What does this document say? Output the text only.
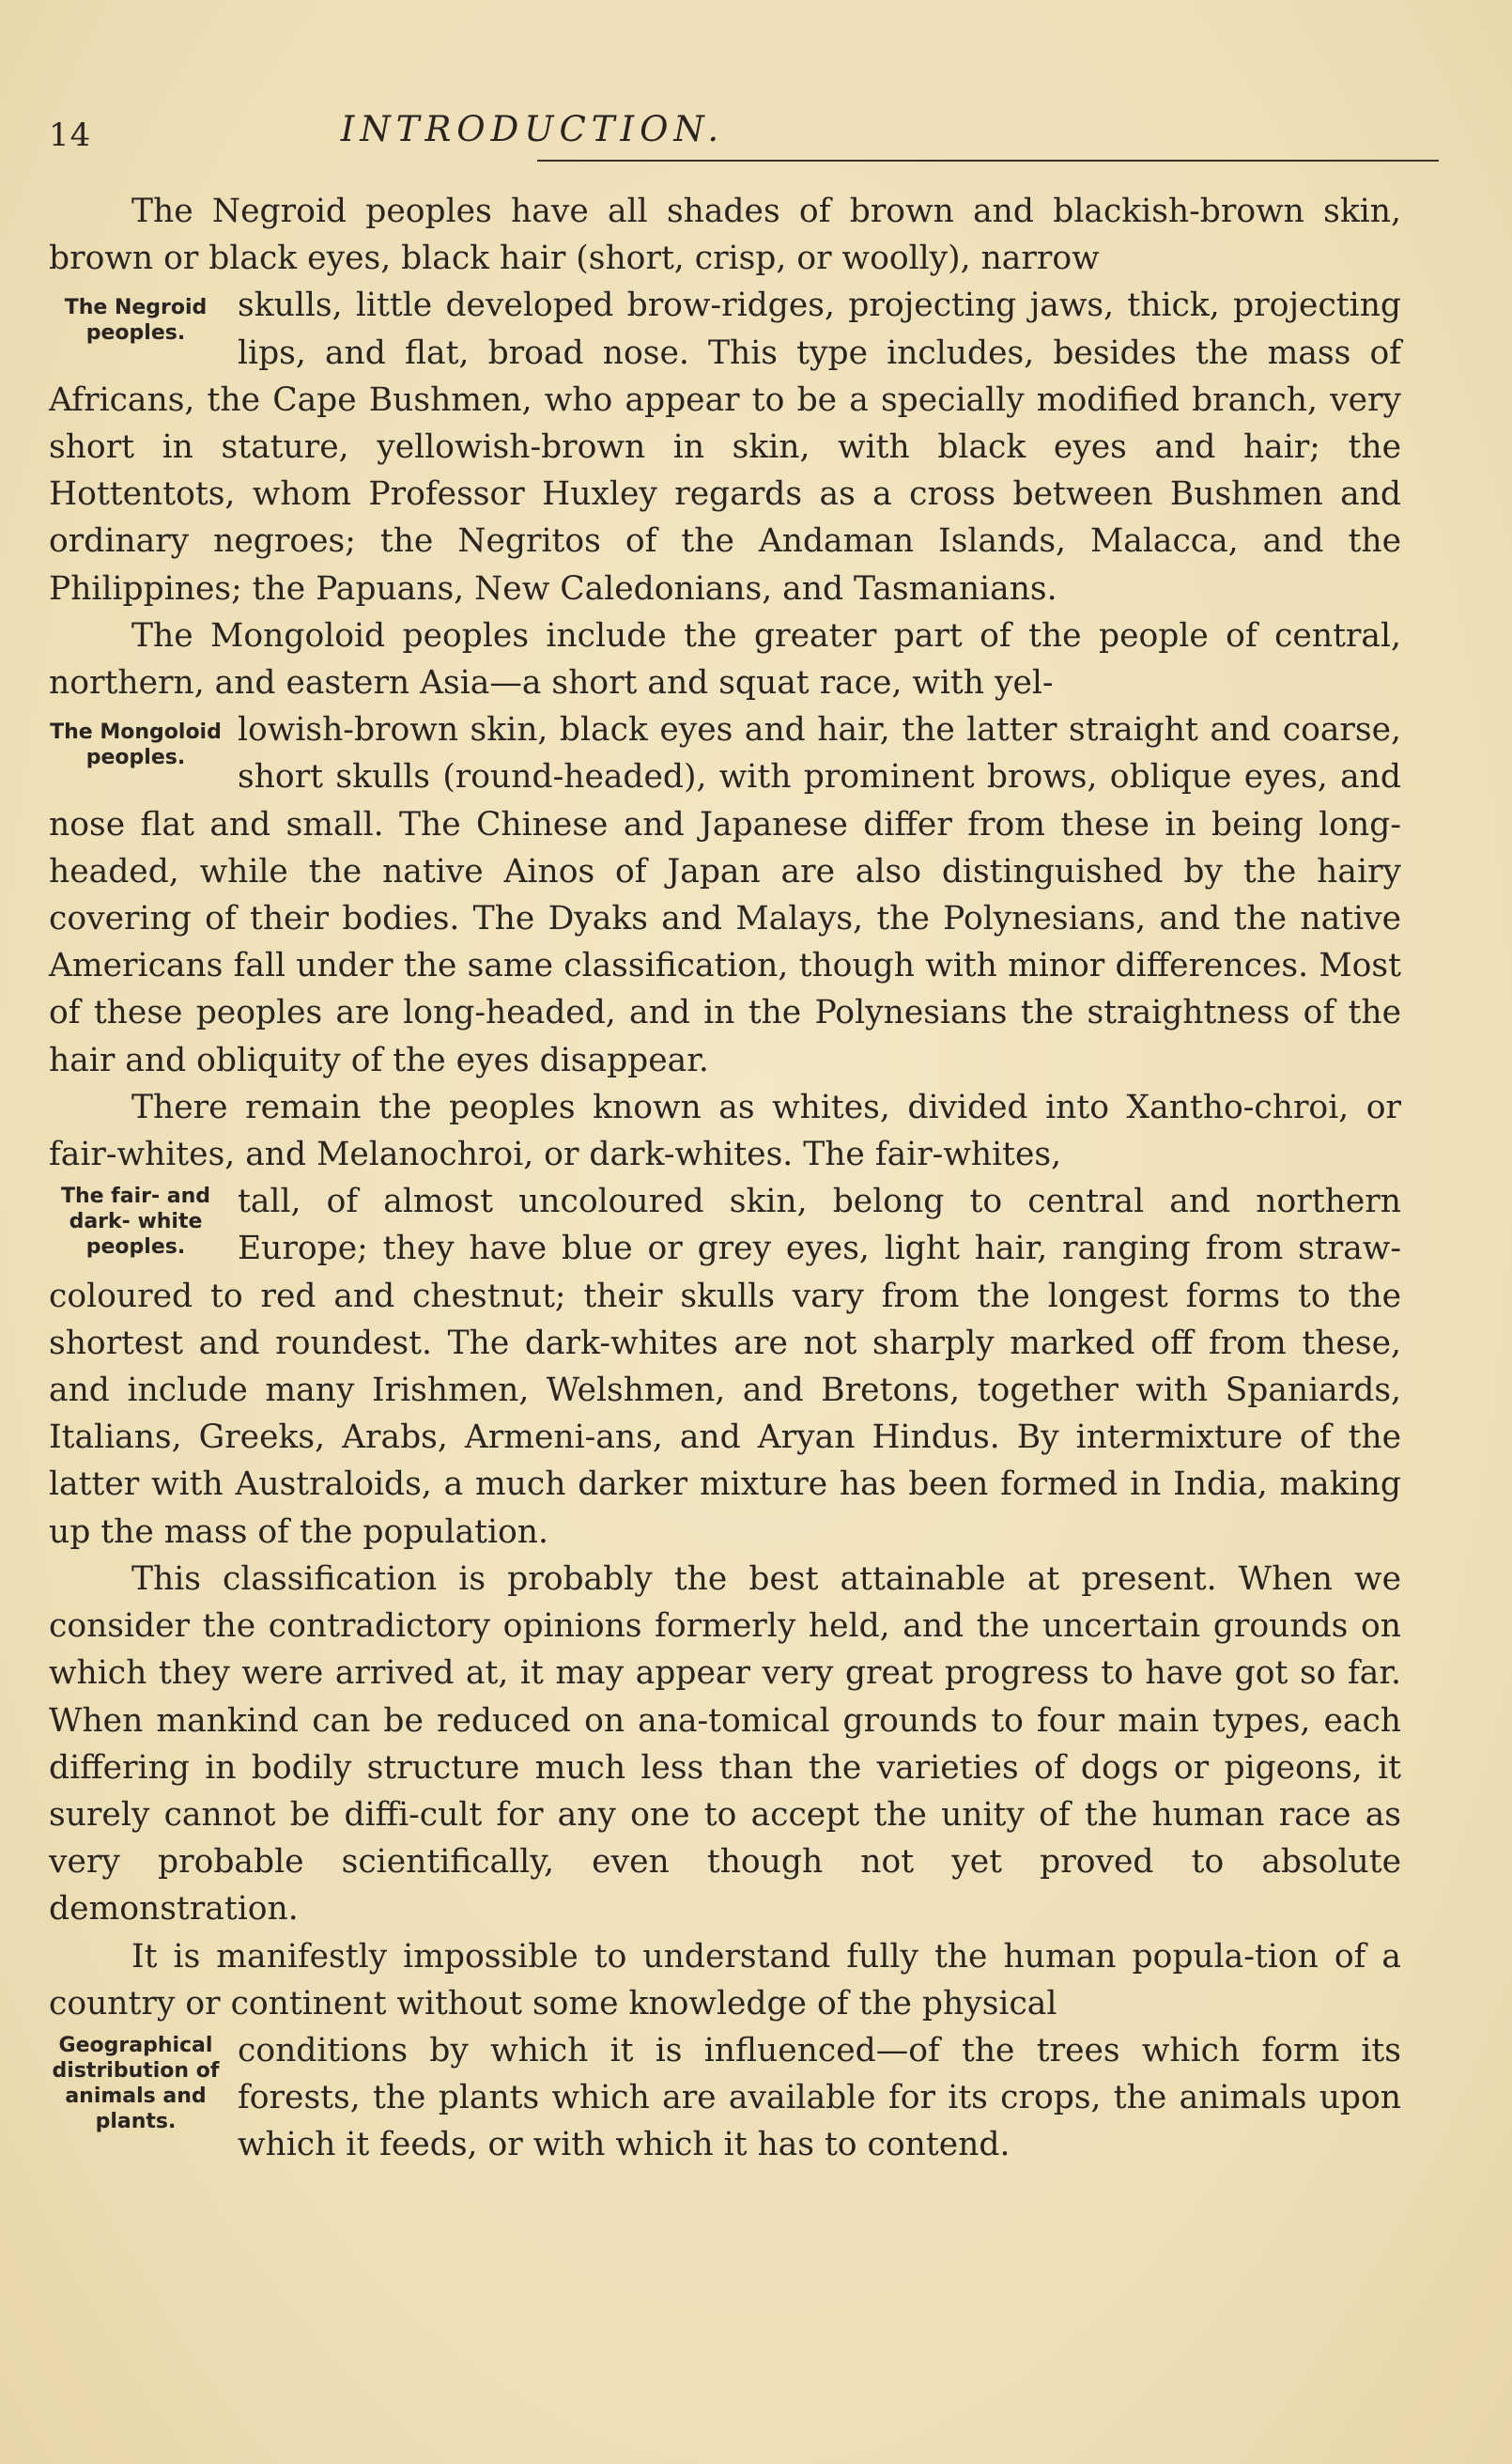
14	INTRODUCTION.

The Negroid peoples have all shades of brown and blackish-brown skin, brown or black eyes, black hair (short, crisp, or woolly), narrow

The Negroid peoples.
skulls, little developed brow-ridges, projecting jaws, thick, projecting lips, and flat, broad nose. This type includes, besides the mass of Africans, the Cape Bushmen, who appear to be a specially modified branch, very short in stature, yellowish-brown in skin, with black eyes and hair; the Hottentots, whom Professor Huxley regards as a cross between Bushmen and ordinary negroes; the Negritos of the Andaman Islands, Malacca, and the Philippines; the Papuans, New Caledonians, and Tasmanians.

The Mongoloid peoples include the greater part of the people of central, northern, and eastern Asia—a short and squat race, with yel-

The Mongoloid peoples.
lowish-brown skin, black eyes and hair, the latter straight and coarse, short skulls (round-headed), with prominent brows, oblique eyes, and nose flat and small. The Chinese and Japanese differ from these in being long-headed, while the native Ainos of Japan are also distinguished by the hairy covering of their bodies. The Dyaks and Malays, the Polynesians, and the native Americans fall under the same classification, though with minor differences. Most of these peoples are long-headed, and in the Polynesians the straightness of the hair and obliquity of the eyes disappear.

There remain the peoples known as whites, divided into Xantho-chroi, or fair-whites, and Melanochroi, or dark-whites. The fair-whites,

The fair- and dark- white peoples.
tall, of almost uncoloured skin, belong to central and northern Europe; they have blue or grey eyes, light hair, ranging from straw-coloured to red and chestnut; their skulls vary from the longest forms to the shortest and roundest. The dark-whites are not sharply marked off from these, and include many Irishmen, Welshmen, and Bretons, together with Spaniards, Italians, Greeks, Arabs, Armeni-ans, and Aryan Hindus. By intermixture of the latter with Australoids, a much darker mixture has been formed in India, making up the mass of the population.

This classification is probably the best attainable at present. When we consider the contradictory opinions formerly held, and the uncertain grounds on which they were arrived at, it may appear very great progress to have got so far. When mankind can be reduced on ana-tomical grounds to four main types, each differing in bodily structure much less than the varieties of dogs or pigeons, it surely cannot be diffi-cult for any one to accept the unity of the human race as very probable scientifically, even though not yet proved to absolute demonstration.

It is manifestly impossible to understand fully the human popula-tion of a country or continent without some knowledge of the physical

Geographical distribution of animals and plants.
conditions by which it is influenced—of the trees which form its forests, the plants which are available for its crops, the animals upon which it feeds, or with which it has to contend.
